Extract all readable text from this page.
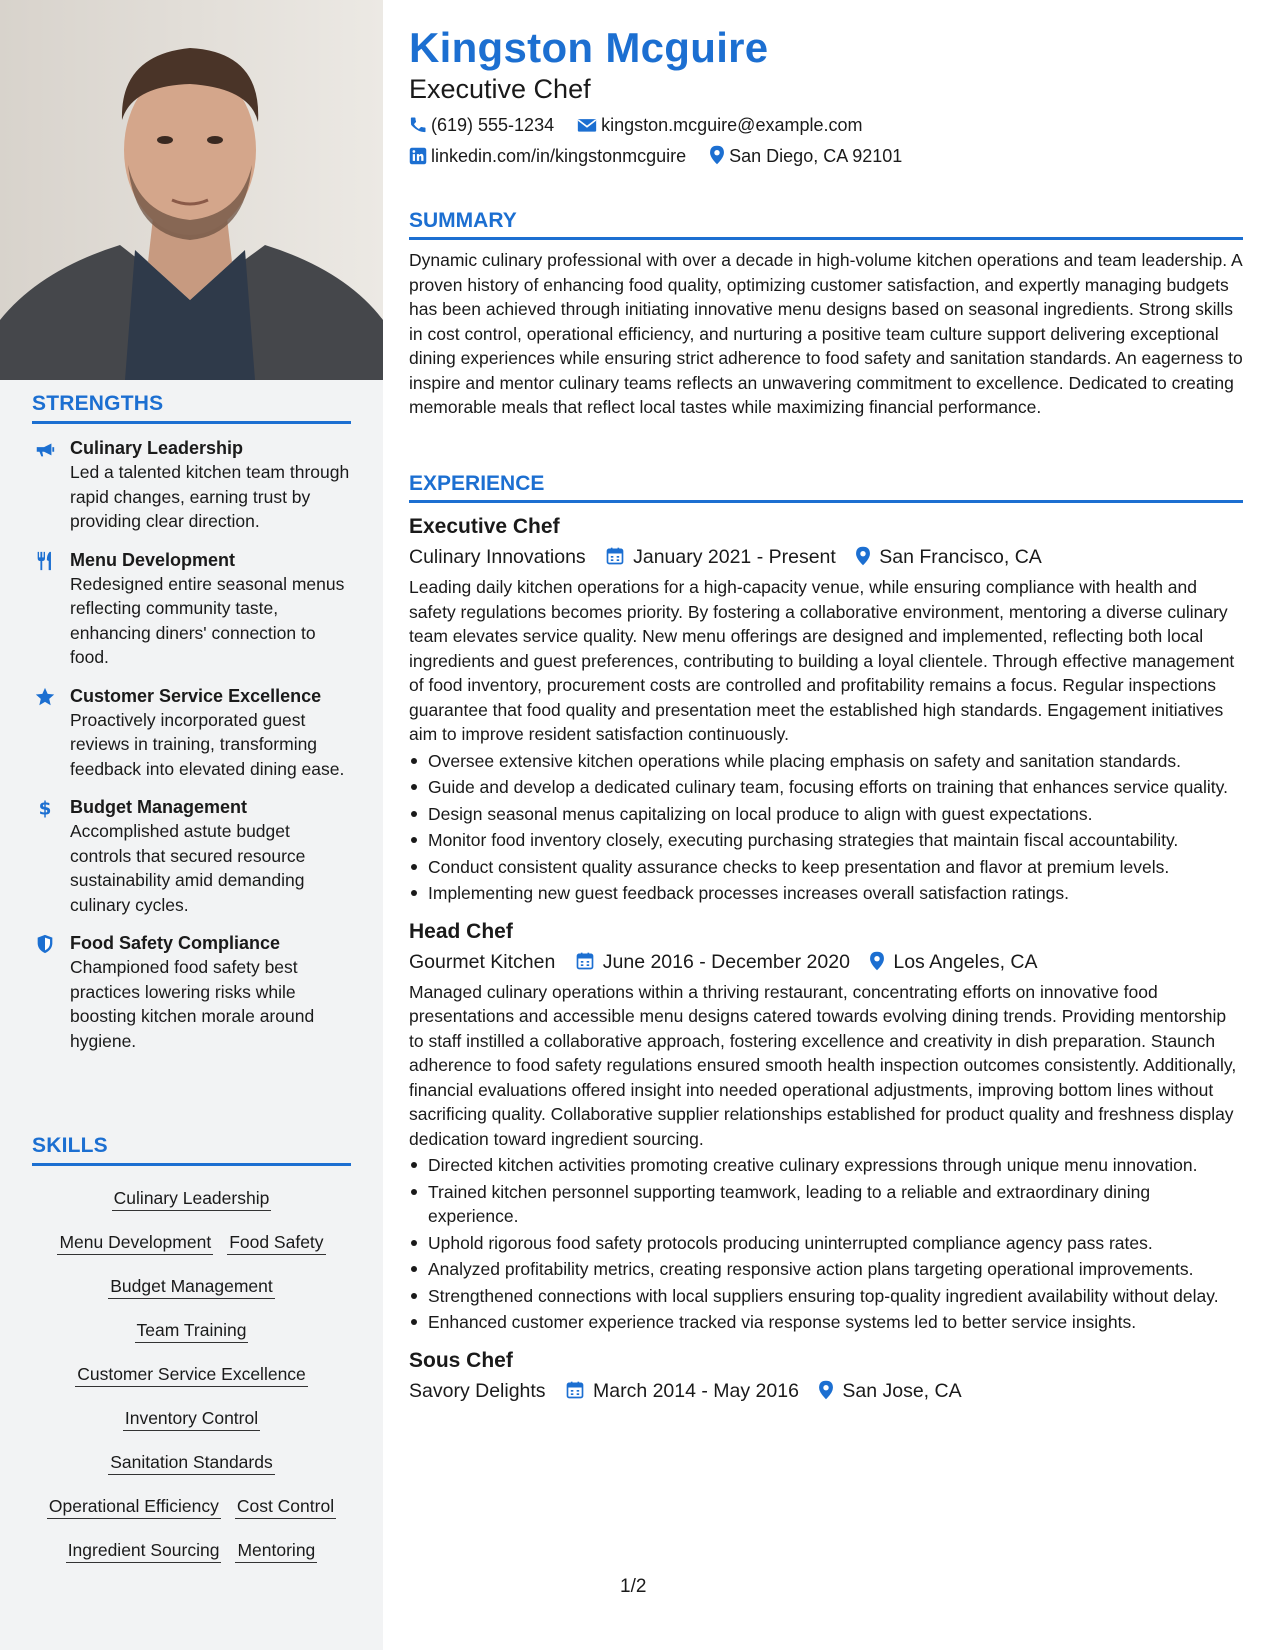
STRENGTHS
Culinary Leadership
Led a talented kitchen team through rapid changes, earning trust by providing clear direction.
Menu Development
Redesigned entire seasonal menus reflecting community taste, enhancing diners' connection to food.
Customer Service Excellence
Proactively incorporated guest reviews in training, transforming feedback into elevated dining ease.
$ Budget Management
Accomplished astute budget controls that secured resource sustainability amid demanding culinary cycles.
Food Safety Compliance
Championed food safety best practices lowering risks while boosting kitchen morale around hygiene.
SKILLS
Culinary Leadership
Menu Development Food Safety
Budget Management
Team Training
Customer Service Excellence
Inventory Control
Sanitation Standards
Operational Efficiency Cost Control
Ingredient Sourcing Mentoring
Kingston Mcguire
Executive Chef
(619) 555-1234	kingston.mcguire@example.com
linkedin.com/in/kingstonmcguire San Diego, CA 92101
SUMMARY
Dynamic culinary professional with over a decade in high-volume kitchen operations and team leadership. A proven history of enhancing food quality, optimizing customer satisfaction, and expertly managing budgets has been achieved through initiating innovative menu designs based on seasonal ingredients. Strong skills in cost control, operational efficiency, and nurturing a positive team culture support delivering exceptional dining experiences while ensuring strict adherence to food safety and sanitation standards. An eagerness to inspire and mentor culinary teams reflects an unwavering commitment to excellence. Dedicated to creating memorable meals that reflect local tastes while maximizing financial performance.
EXPERIENCE
Executive Chef
Culinary Innovations January 2021 - Present San Francisco, CA
Leading daily kitchen operations for a high-capacity venue, while ensuring compliance with health and safety regulations becomes priority. By fostering a collaborative environment, mentoring a diverse culinary team elevates service quality. New menu offerings are designed and implemented, reflecting both local ingredients and guest preferences, contributing to building a loyal clientele. Through effective management of food inventory, procurement costs are controlled and profitability remains a focus. Regular inspections guarantee that food quality and presentation meet the established high standards. Engagement initiatives aim to improve resident satisfaction continuously.
Oversee extensive kitchen operations while placing emphasis on safety and sanitation standards.
Guide and develop a dedicated culinary team, focusing efforts on training that enhances service quality.
Design seasonal menus capitalizing on local produce to align with guest expectations.
Monitor food inventory closely, executing purchasing strategies that maintain fiscal accountability.
Conduct consistent quality assurance checks to keep presentation and flavor at premium levels.
Implementing new guest feedback processes increases overall satisfaction ratings.
Head Chef
Gourmet Kitchen June 2016 - December 2020 Los Angeles, CA
Managed culinary operations within a thriving restaurant, concentrating efforts on innovative food presentations and accessible menu designs catered towards evolving dining trends. Providing mentorship to staff instilled a collaborative approach, fostering excellence and creativity in dish preparation. Staunch adherence to food safety regulations ensured smooth health inspection outcomes consistently. Additionally, financial evaluations offered insight into needed operational adjustments, improving bottom lines without sacrificing quality. Collaborative supplier relationships established for product quality and freshness display dedication toward ingredient sourcing.
Directed kitchen activities promoting creative culinary expressions through unique menu innovation.
Trained kitchen personnel supporting teamwork, leading to a reliable and extraordinary dining experience.
Uphold rigorous food safety protocols producing uninterrupted compliance agency pass rates.
Analyzed profitability metrics, creating responsive action plans targeting operational improvements.
Strengthened connections with local suppliers ensuring top-quality ingredient availability without delay.
Enhanced customer experience tracked via response systems led to better service insights.
Sous Chef
Savory Delights March 2014 - May 2016 San Jose, CA
1/2
